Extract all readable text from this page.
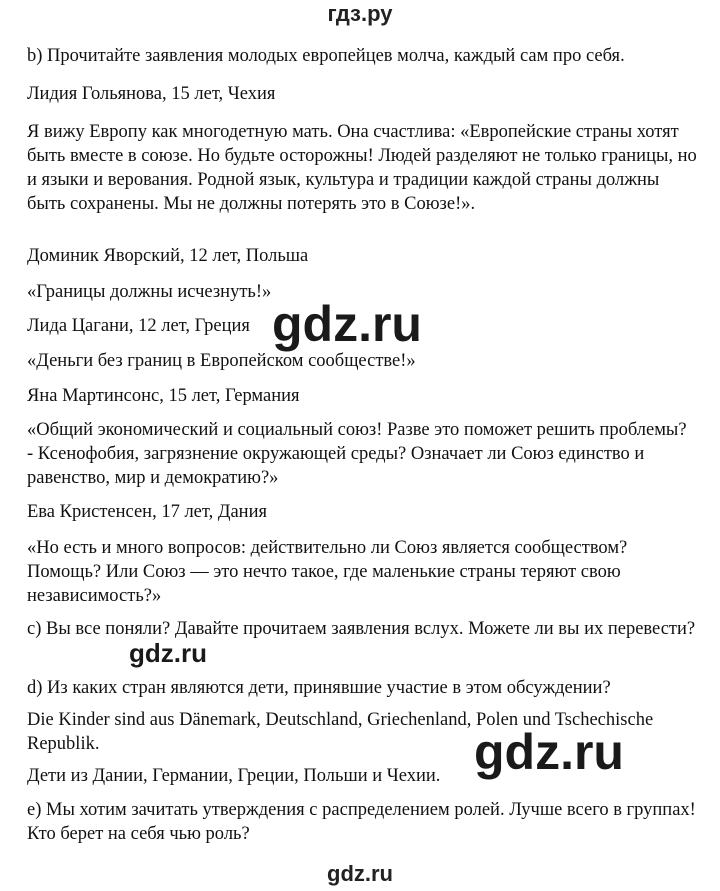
гдз.ру

b) Прочитайте заявления молодых европейцев молча, каждый сам про себя.

Лидия Гольянова, 15 лет, Чехия

Я вижу Европу как многодетную мать. Она счастлива: «Европейские страны хотят быть вместе в союзе. Но будьте осторожны! Людей разделяют не только границы, но и языки и верования. Родной язык, культура и традиции каждой страны должны быть сохранены. Мы не должны потерять это в Союзе!».

Доминик Яворский, 12 лет, Польша

«Границы должны исчезнуть!»

Лида Цагани, 12 лет, Греция

«Деньги без границ в Европейском сообществе!»

Яна Мартинсонс, 15 лет, Германия

«Общий экономический и социальный союз! Разве это поможет решить проблемы? - Ксенофобия, загрязнение окружающей среды? Означает ли Союз единство и равенство, мир и демократию?»

Ева Кристенсен, 17 лет, Дания

«Но есть и много вопросов: действительно ли Союз является сообществом? Помощь? Или Союз — это нечто такое, где маленькие страны теряют свою независимость?»

c) Вы все поняли? Давайте прочитаем заявления вслух. Можете ли вы их перевести?

d) Из каких стран являются дети, принявшие участие в этом обсуждении?

Die Kinder sind aus Dänemark, Deutschland, Griechenland, Polen und Tschechische Republik.

Дети из Дании, Германии, Греции, Польши и Чехии.

e) Мы хотим зачитать утверждения с распределением ролей. Лучше всего в группах! Кто берет на себя чью роль?

gdz.ru
gdz.ru
gdz.ru
gdz.ru
